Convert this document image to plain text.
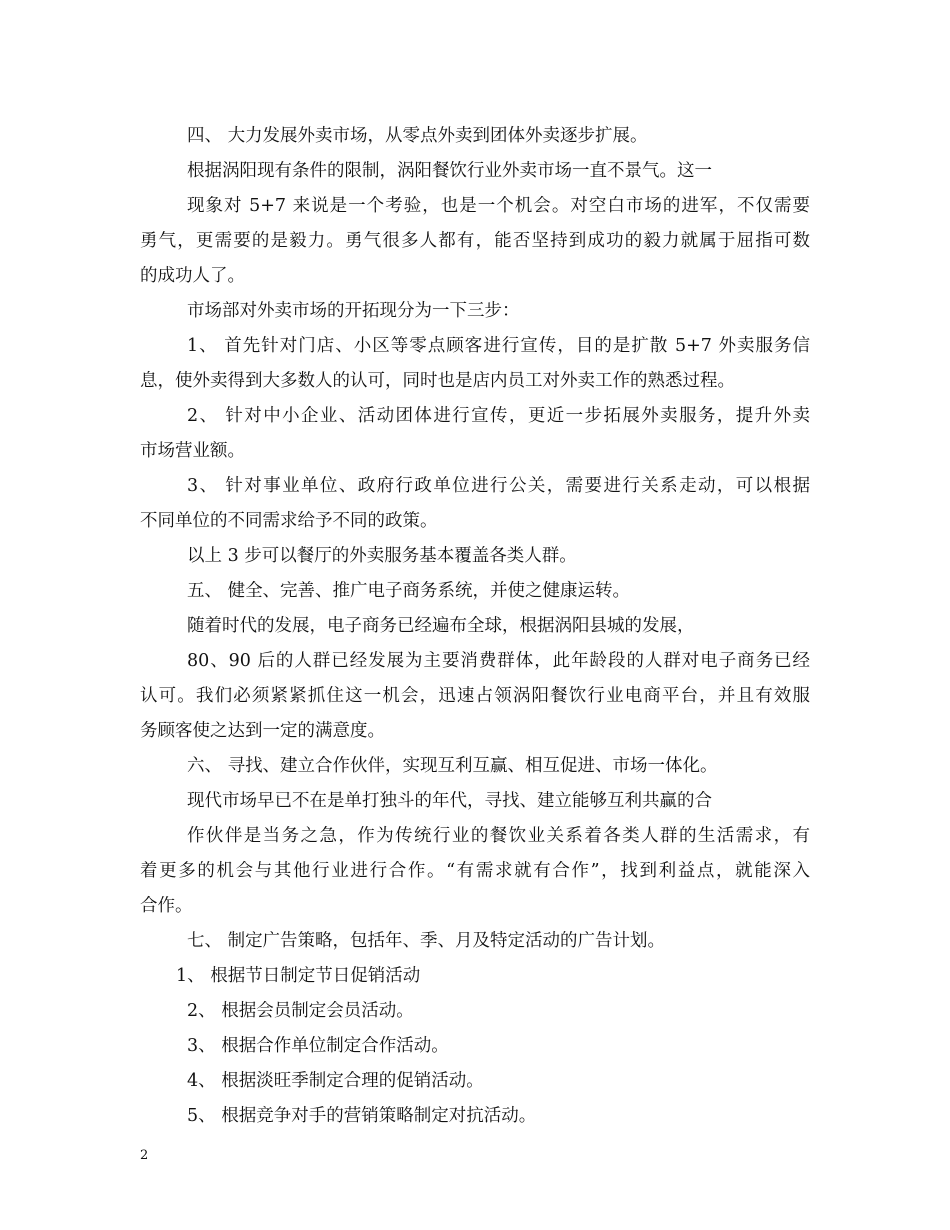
四、 大力发展外卖市场，从零点外卖到团体外卖逐步扩展。

根据涡阳现有条件的限制，涡阳餐饮行业外卖市场一直不景气。这一

现象对 5+7 来说是一个考验，也是一个机会。对空白市场的进军，不仅需要

勇气，更需要的是毅力。勇气很多人都有，能否坚持到成功的毅力就属于屈指可数

的成功人了。

市场部对外卖市场的开拓现分为一下三步：

1、 首先针对门店、小区等零点顾客进行宣传，目的是扩散 5+7 外卖服务信

息，使外卖得到大多数人的认可，同时也是店内员工对外卖工作的熟悉过程。

2、 针对中小企业、活动团体进行宣传，更近一步拓展外卖服务，提升外卖

市场营业额。

3、 针对事业单位、政府行政单位进行公关，需要进行关系走动，可以根据

不同单位的不同需求给予不同的政策。

以上 3 步可以餐厅的外卖服务基本覆盖各类人群。

五、 健全、完善、推广电子商务系统，并使之健康运转。

随着时代的发展，电子商务已经遍布全球，根据涡阳县城的发展，

80、90 后的人群已经发展为主要消费群体，此年龄段的人群对电子商务已经

认可。我们必须紧紧抓住这一机会，迅速占领涡阳餐饮行业电商平台，并且有效服

务顾客使之达到一定的满意度。

六、 寻找、建立合作伙伴，实现互利互赢、相互促进、市场一体化。

现代市场早已不在是单打独斗的年代，寻找、建立能够互利共赢的合

作伙伴是当务之急，作为传统行业的餐饮业关系着各类人群的生活需求，有

着更多的机会与其他行业进行合作。“有需求就有合作”，找到利益点，就能深入

合作。

七、 制定广告策略，包括年、季、月及特定活动的广告计划。

1、 根据节日制定节日促销活动

2、 根据会员制定会员活动。

3、 根据合作单位制定合作活动。

4、 根据淡旺季制定合理的促销活动。

5、 根据竞争对手的营销策略制定对抗活动。

2
